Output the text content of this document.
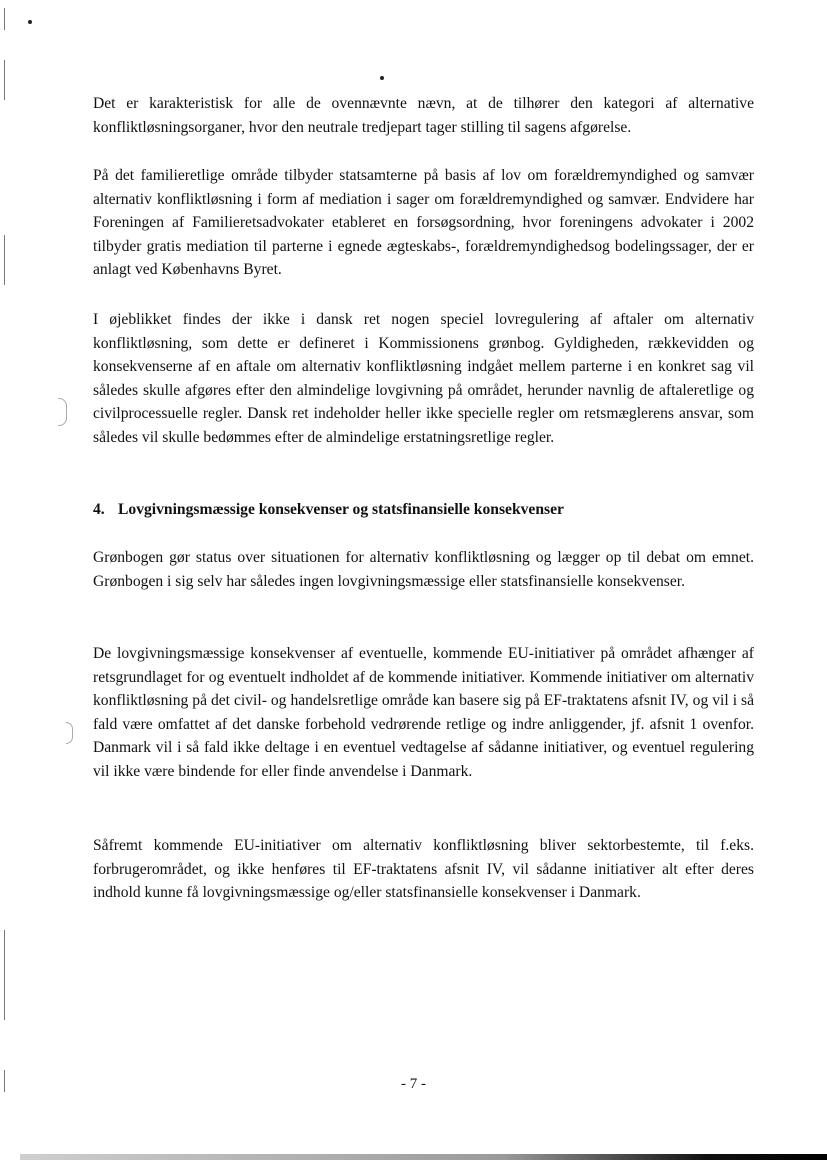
Det er karakteristisk for alle de ovennævnte nævn, at de tilhører den kategori af alternative konfliktløsningsorganer, hvor den neutrale tredjepart tager stilling til sagens afgørelse.

På det familieretlige område tilbyder statsamterne på basis af lov om forældremyndighed og samvær alternativ konfliktløsning i form af mediation i sager om forældremyndighed og samvær. Endvidere har Foreningen af Familieretsadvokater etableret en forsøgsordning, hvor foreningens advokater i 2002 tilbyder gratis mediation til parterne i egnede ægteskabs-, forældremyndighedsog bodelingssager, der er anlagt ved Københavns Byret.

I øjeblikket findes der ikke i dansk ret nogen speciel lovregulering af aftaler om alternativ konfliktløsning, som dette er defineret i Kommissionens grønbog. Gyldigheden, rækkevidden og konsekvenserne af en aftale om alternativ konfliktløsning indgået mellem parterne i en konkret sag vil således skulle afgøres efter den almindelige lovgivning på området, herunder navnlig de aftaleretlige og civilprocessuelle regler. Dansk ret indeholder heller ikke specielle regler om retsmæglerens ansvar, som således vil skulle bedømmes efter de almindelige erstatningsretlige regler.

4. Lovgivningsmæssige konsekvenser og statsfinansielle konsekvenser

Grønbogen gør status over situationen for alternativ konfliktløsning og lægger op til debat om emnet. Grønbogen i sig selv har således ingen lovgivningsmæssige eller statsfinansielle konsekvenser.

De lovgivningsmæssige konsekvenser af eventuelle, kommende EU-initiativer på området afhænger af retsgrundlaget for og eventuelt indholdet af de kommende initiativer. Kommende initiativer om alternativ konfliktløsning på det civil- og handelsretlige område kan basere sig på EF-traktatens afsnit IV, og vil i så fald være omfattet af det danske forbehold vedrørende retlige og indre anliggender, jf. afsnit 1 ovenfor. Danmark vil i så fald ikke deltage i en eventuel vedtagelse af sådanne initiativer, og eventuel regulering vil ikke være bindende for eller finde anvendelse i Danmark.

Såfremt kommende EU-initiativer om alternativ konfliktløsning bliver sektorbestemte, til f.eks. forbrugerområdet, og ikke henføres til EF-traktatens afsnit IV, vil sådanne initiativer alt efter deres indhold kunne få lovgivningsmæssige og/eller statsfinansielle konsekvenser i Danmark.

- 7 -
